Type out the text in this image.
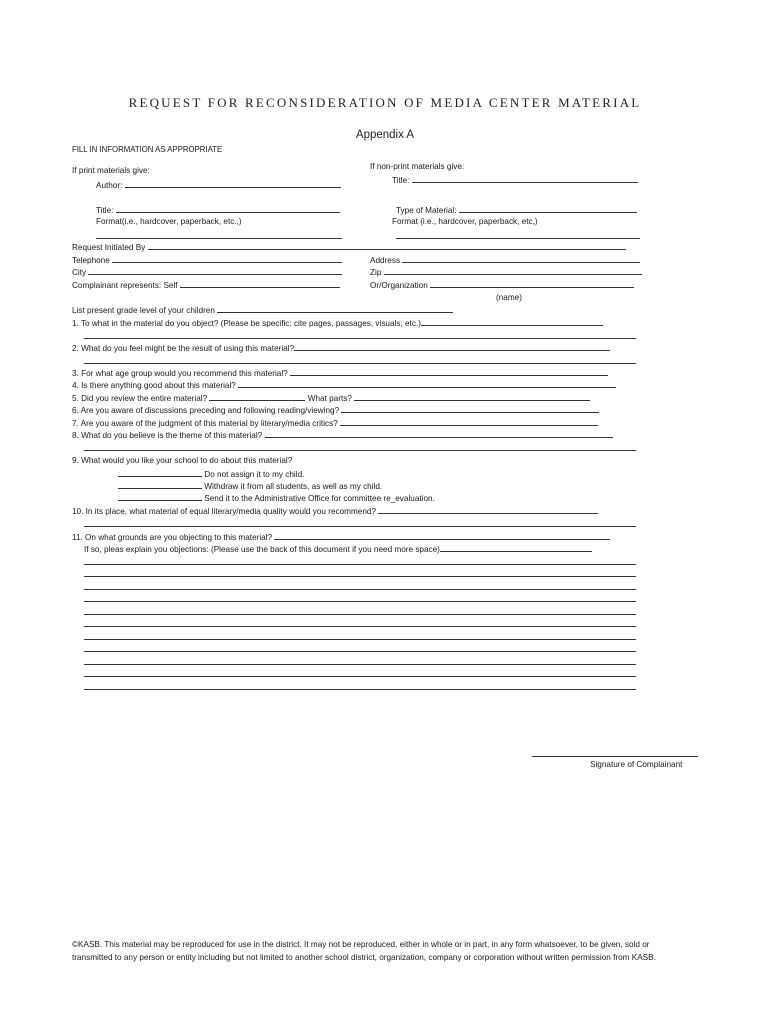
REQUEST FOR RECONSIDERATION OF MEDIA CENTER MATERIAL
Appendix A
FILL IN INFORMATION AS APPROPRIATE
If print materials give:
Author:
Title:
Format(i.e., hardcover, paperback, etc.,)
If non-print materials give:
Title:
Type of Material:
Format (i.e., hardcover, paperback, etc,)
Request Initiated By
Telephone	Address
City	Zip
Complainant represents: Self	Or/Organization
(name)
List present grade level of your children
1. To what in the material do you object? (Please be specific: cite pages, passages, visuals, etc.)
2. What do you feel might be the result of using this material?
3. For what age group would you recommend this material?
4. Is there anything good about this material?
5. Did you review the entire material?	What parts?
6. Are you aware of discussions preceding and following reading/viewing?
7. Are you aware of the judgment of this material by literary/media critics?
8. What do you believe is the theme of this material?
9. What would you like your school to do about this material?
Do not assign it to my child.
Withdraw it from all students, as well as my child.
Send it to the Administrative Office for committee re_evaluation.
10. In its place, what material of equal literary/media quality would you recommend?
11. On what grounds are you objecting to this material?
If so, pleas explain you objections: (Please use the back of this document if you need more space)
Signature of Complainant
©KASB. This material may be reproduced for use in the district. It may not be reproduced, either in whole or in part, in any form whatsoever, to be given, sold or transmitted to any person or entity including but not limited to another school district, organization, company or corporation without written permission from KASB.
